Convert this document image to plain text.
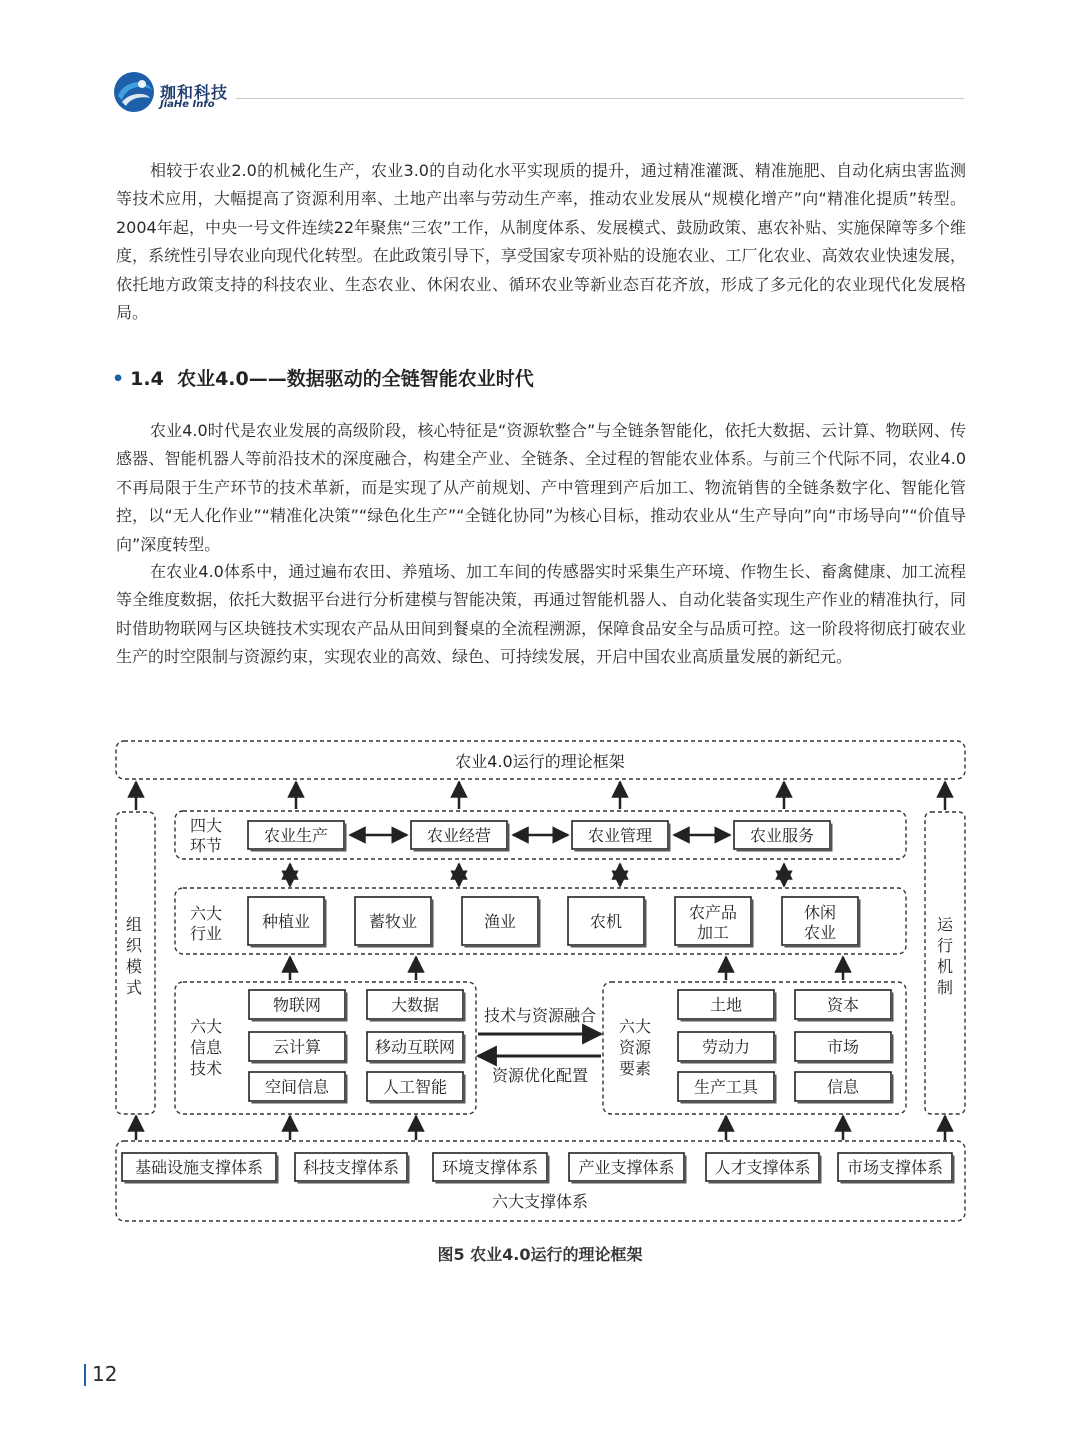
珈和科技
JiaHe Info

相较于农业2.0的机械化生产，农业3.0的自动化水平实现质的提升，通过精准灌溉、精准施肥、自动化病虫害监测等技术应用，大幅提高了资源利用率、土地产出率与劳动生产率，推动农业发展从“规模化增产”向“精准化提质”转型。2004年起，中央一号文件连续22年聚焦“三农”工作，从制度体系、发展模式、鼓励政策、惠农补贴、实施保障等多个维度，系统性引导农业向现代化转型。在此政策引导下，享受国家专项补贴的设施农业、工厂化农业、高效农业快速发展，依托地方政策支持的科技农业、生态农业、休闲农业、循环农业等新业态百花齐放，形成了多元化的农业现代化发展格局。

• 1.4 农业4.0——数据驱动的全链智能农业时代

农业4.0时代是农业发展的高级阶段，核心特征是“资源软整合”与全链条智能化，依托大数据、云计算、物联网、传感器、智能机器人等前沿技术的深度融合，构建全产业、全链条、全过程的智能农业体系。与前三个代际不同，农业4.0不再局限于生产环节的技术革新，而是实现了从产前规划、产中管理到产后加工、物流销售的全链条数字化、智能化管控，以“无人化作业”“精准化决策”“绿色化生产”“全链化协同”为核心目标，推动农业从“生产导向”向“市场导向”“价值导向”深度转型。

在农业4.0体系中，通过遍布农田、养殖场、加工车间的传感器实时采集生产环境、作物生长、畜禽健康、加工流程等全维度数据，依托大数据平台进行分析建模与智能决策，再通过智能机器人、自动化装备实现生产作业的精准执行，同时借助物联网与区块链技术实现农产品从田间到餐桌的全流程溯源，保障食品安全与品质可控。这一阶段将彻底打破农业生产的时空限制与资源约束，实现农业的高效、绿色、可持续发展，开启中国农业高质量发展的新纪元。

农业4.0运行的理论框架
组织模式
运行机制
四大环节
农业生产	农业经营	农业管理	农业服务
六大行业
种植业	蓄牧业	渔业	农机	农产品加工
休闲农业
六大信息技术
物联网	大数据
云计算	移动互联网
空间信息	人工智能
六大资源要素
土地	资本
劳动力	市场
生产工具	信息
技术与资源融合
资源优化配置
基础设施支撑体系 科技支撑体系	环境支撑体系	产业支撑体系 人才支撑体系 市场支撑体系
六大支撑体系
图5 农业4.0运行的理论框架
12
